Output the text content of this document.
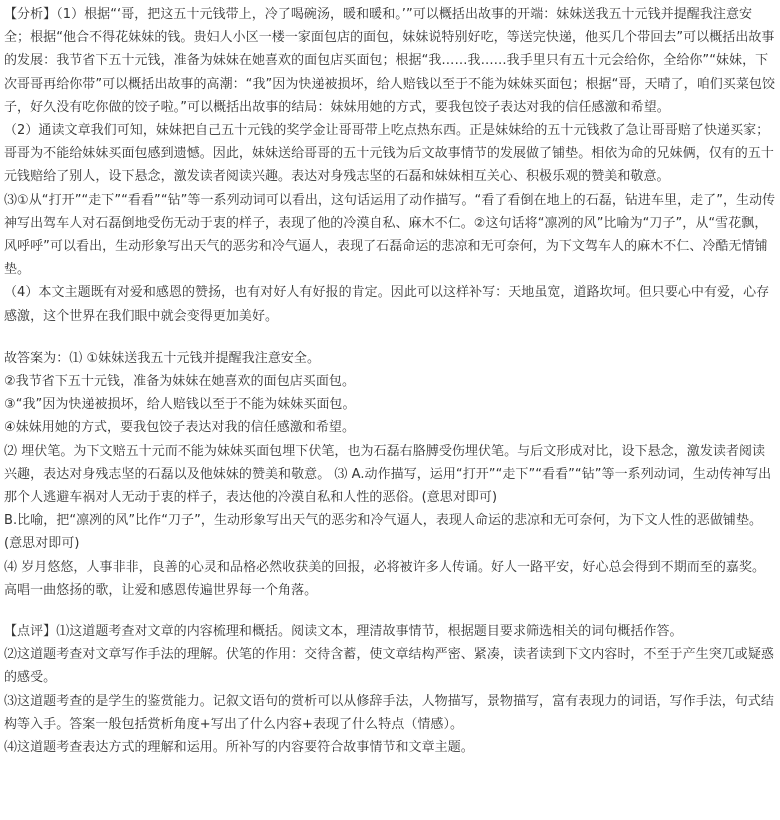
【分析】（1）根据“‘哥，把这五十元钱带上，冷了喝碗汤，暖和暖和。’”可以概括出故事的开端：妹妹送我五十元钱并提醒我注意安全；根据“他合不得花妹妹的钱。贵妇人小区一楼一家面包店的面包，妹妹说特别好吃，等送完快递，他买几个带回去”可以概括出故事的发展：我节省下五十元钱，准备为妹妹在她喜欢的面包店买面包；根据“我……我……我手里只有五十元会给你，全给你”“妹妹，下次哥哥再给你带”可以概括出故事的高潮：“我”因为快递被损坏，给人赔钱以至于不能为妹妹买面包；根据“哥，天晴了，咱们买菜包饺子，好久没有吃你做的饺子啦。”可以概括出故事的结局：妹妹用她的方式，要我包饺子表达对我的信任感激和希望。

（2）通读文章我们可知，妹妹把自己五十元钱的奖学金让哥哥带上吃点热东西。正是妹妹给的五十元钱救了急让哥哥赔了快递买家；哥哥为不能给妹妹买面包感到遗憾。因此，妹妹送给哥哥的五十元钱为后文故事情节的发展做了铺垫。相依为命的兄妹俩，仅有的五十元钱赔给了别人，设下悬念，激发读者阅读兴趣。表达对身残志坚的石磊和妹妹相互关心、积极乐观的赞美和敬意。

⑶①从“打开”“走下”“看看”“钻”等一系列动词可以看出，这句话运用了动作描写。“看了看倒在地上的石磊，钻进车里，走了”，生动传神写出驾车人对石磊倒地受伤无动于衷的样子，表现了他的冷漠自私、麻木不仁。②这句话将“凛冽的风”比喻为“刀子”，从“雪花飘，风呼呼”可以看出，生动形象写出天气的恶劣和冷气逼人，表现了石磊命运的悲凉和无可奈何，为下文驾车人的麻木不仁、冷酷无情铺垫。

（4）本文主题既有对爱和感恩的赞扬，也有对好人有好报的肯定。因此可以这样补写：天地虽宽，道路坎坷。但只要心中有爱，心存感激，这个世界在我们眼中就会变得更加美好。

故答案为：⑴ ①妹妹送我五十元钱并提醒我注意安全。

②我节省下五十元钱，准备为妹妹在她喜欢的面包店买面包。

③“我”因为快递被损坏，给人赔钱以至于不能为妹妹买面包。

④妹妹用她的方式，要我包饺子表达对我的信任感激和希望。

⑵ 埋伏笔。为下文赔五十元而不能为妹妹买面包埋下伏笔，也为石磊右胳膊受伤埋伏笔。与后文形成对比，设下悬念，激发读者阅读兴趣，表达对身残志坚的石磊以及他妹妹的赞美和敬意。 ⑶ A.动作描写，运用“打开”“走下”“看看”“钻”等一系列动词，生动传神写出那个人逃避车祸对人无动于衷的样子，表达他的冷漠自私和人性的恶俗。(意思对即可)

B.比喻，把“凛冽的风”比作“刀子”，生动形象写出天气的恶劣和冷气逼人，表现人命运的悲凉和无可奈何，为下文人性的恶做铺垫。(意思对即可)

⑷ 岁月悠悠，人事非非，良善的心灵和品格必然收获美的回报，必将被许多人传诵。好人一路平安，好心总会得到不期而至的嘉奖。高唱一曲悠扬的歌，让爱和感恩传遍世界每一个角落。

【点评】⑴这道题考查对文章的内容梳理和概括。阅读文本，理清故事情节，根据题目要求筛选相关的词句概括作答。

⑵这道题考查对文章写作手法的理解。伏笔的作用：交待含蓄，使文章结构严密、紧凑，读者读到下文内容时，不至于产生突兀或疑惑的感受。

⑶这道题考查的是学生的鉴赏能力。记叙文语句的赏析可以从修辞手法，人物描写，景物描写，富有表现力的词语，写作手法，句式结构等入手。答案一般包括赏析角度+写出了什么内容+表现了什么特点（情感）。

⑷这道题考查表达方式的理解和运用。所补写的内容要符合故事情节和文章主题。
